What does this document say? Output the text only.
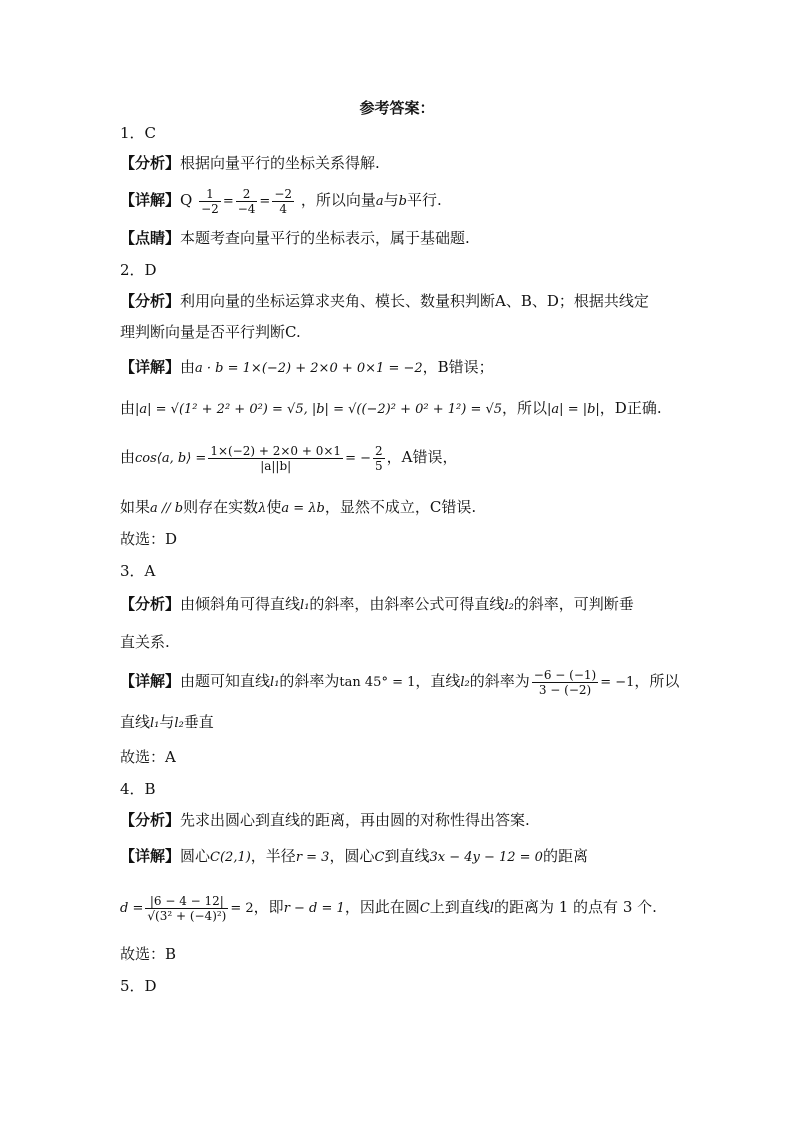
参考答案：
1．C
【分析】根据向量平行的坐标关系得解.
【详解】Q $\frac{1}{-2} = \frac{2}{-4} = \frac{-2}{4}$ ，所以向量a与b平行.
【点睛】本题考查向量平行的坐标表示，属于基础题.
2．D
【分析】利用向量的坐标运算求夹角、模长、数量积判断A、B、D；根据共线定
理判断向量是否平行判断C.
【详解】由a · b = 1×(−2) + 2×0 + 0×1 = −2，B错误；
由|a| = √(1² + 2² + 0²) = √5, |b| = √((−2)² + 0² + 1²) = √5，所以|a| = |b|，D正确.
由cos⟨a, b⟩ = $\frac{1\times(-2) + 2\times 0 + 0\times 1}{|a||b|}$ = − $\frac{2}{5}$ ，A错误，
如果a // b则存在实数λ使a = λb，显然不成立，C错误.
故选：D
3．A
【分析】由倾斜角可得直线l₁的斜率，由斜率公式可得直线l₂的斜率，可判断垂
直关系.
【详解】由题可知直线l₁的斜率为tan 45° = 1，直线l₂的斜率为 $\frac{-6 - (-1)}{3 - (-2)} = -1$，所以
直线l₁与l₂垂直
故选：A
4．B
【分析】先求出圆心到直线的距离，再由圆的对称性得出答案.
【详解】圆心C(2,1)，半径r = 3，圆心C到直线3x − 4y − 12 = 0的距离
$d = \frac{|6 - 4 - 12|}{\text{√(3² + (−4)²)}} = 2$，即r − d = 1，因此在圆C上到直线l的距离为 1 的点有 3 个.
故选：B
5．D
